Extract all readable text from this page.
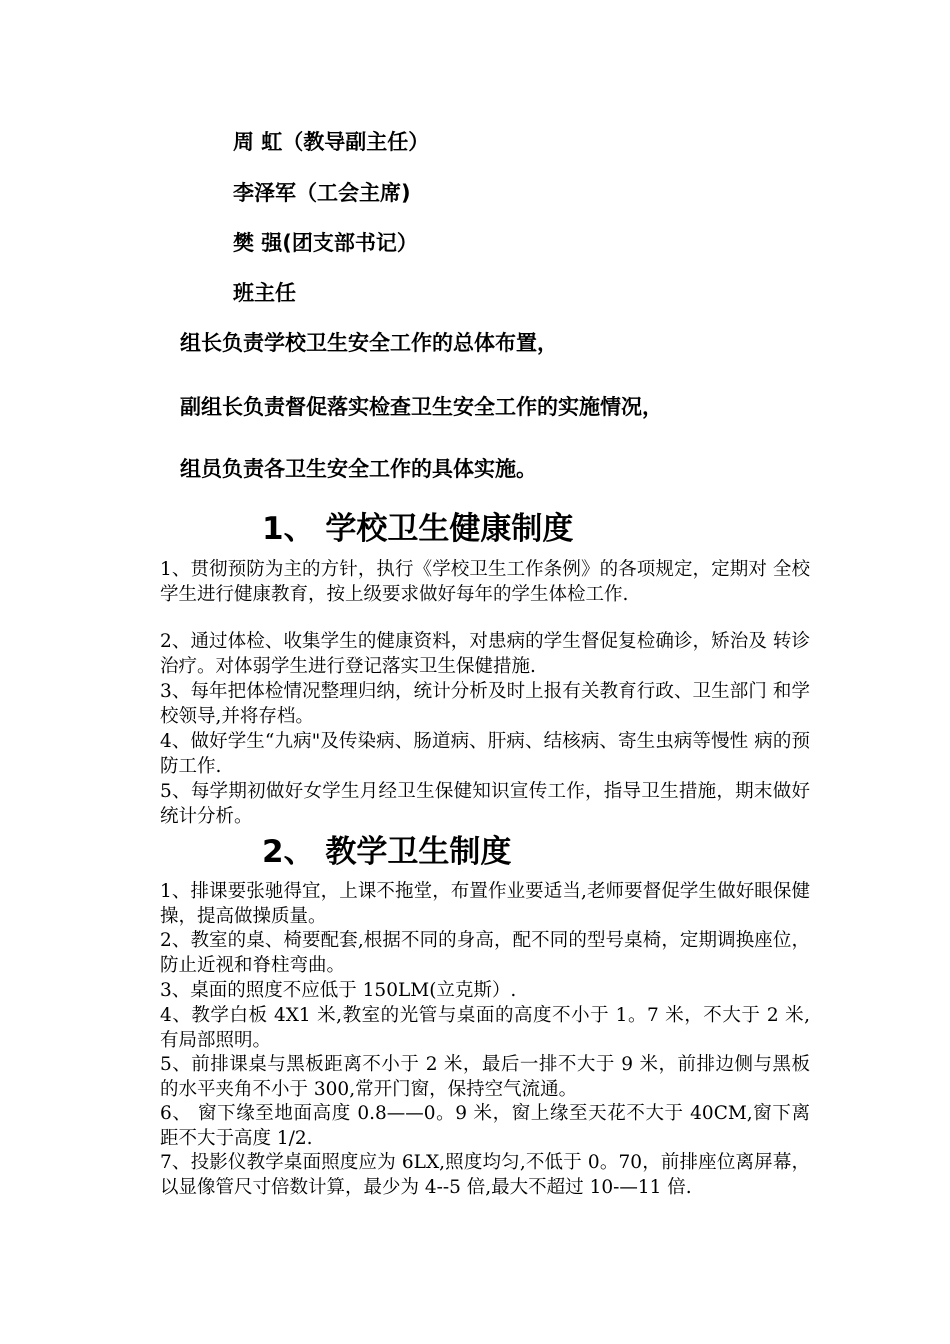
周 虹（教导副主任）
李泽军（工会主席)
樊 强(团支部书记）
班主任
组长负责学校卫生安全工作的总体布置，
副组长负责督促落实检查卫生安全工作的实施情况，
组员负责各卫生安全工作的具体实施。
1、 学校卫生健康制度
1、贯彻预防为主的方针，执行《学校卫生工作条例》的各项规定，定期对 全校学生进行健康教育，按上级要求做好每年的学生体检工作.
2、通过体检、收集学生的健康资料，对患病的学生督促复检确诊，矫治及 转诊治疗。对体弱学生进行登记落实卫生保健措施.
3、每年把体检情况整理归纳，统计分析及时上报有关教育行政、卫生部门 和学校领导,并将存档。
4、做好学生“九病"及传染病、肠道病、肝病、结核病、寄生虫病等慢性 病的预防工作.
5、每学期初做好女学生月经卫生保健知识宣传工作，指导卫生措施，期末做好统计分析。
2、 教学卫生制度
1、排课要张驰得宜，上课不拖堂，布置作业要适当,老师要督促学生做好眼保健操，提高做操质量。
2、教室的桌、椅要配套,根据不同的身高，配不同的型号桌椅，定期调换座位，防止近视和脊柱弯曲。
3、桌面的照度不应低于 150LM(立克斯）.
4、教学白板 4X1 米,教室的光管与桌面的高度不小于 1。7 米，不大于 2 米, 有局部照明。
5、前排课桌与黑板距离不小于 2 米，最后一排不大于 9 米，前排边侧与黑板的水平夹角不小于 300,常开门窗，保持空气流通。
6、 窗下缘至地面高度 0.8——0。9 米，窗上缘至天花不大于 40CM,窗下离距不大于高度 1/2.
7、投影仪教学桌面照度应为 6LX,照度均匀,不低于 0。70，前排座位离屏幕，以显像管尺寸倍数计算，最少为 4--5 倍,最大不超过 10-—11 倍.
